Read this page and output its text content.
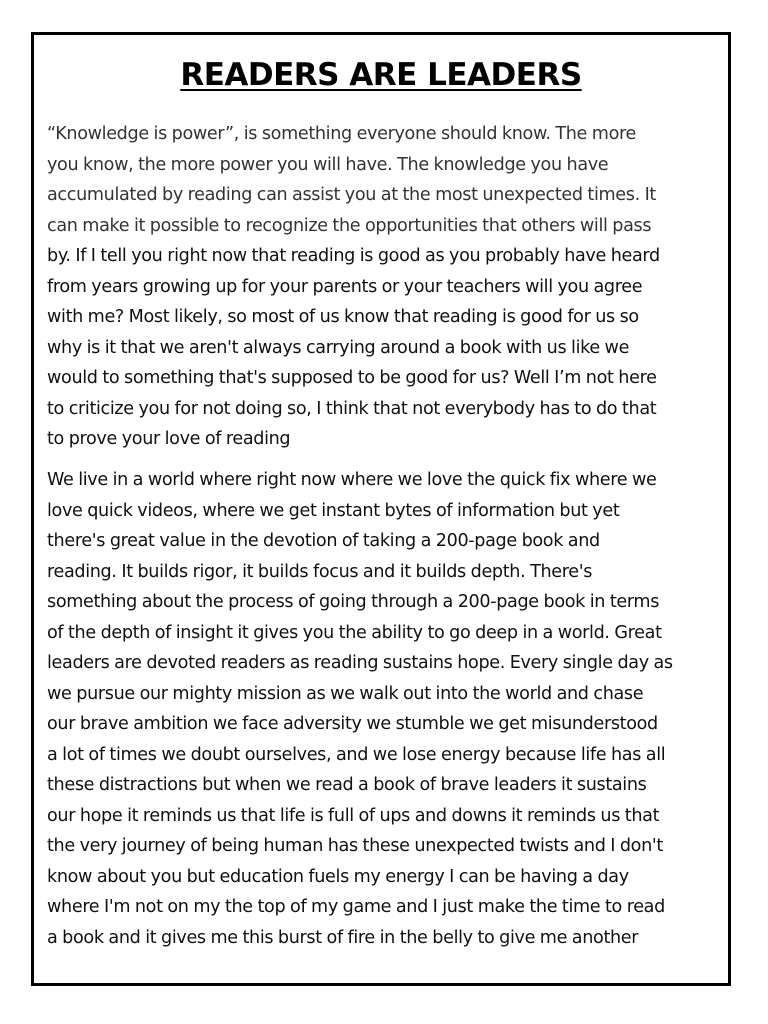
READERS ARE LEADERS
“Knowledge is power”, is something everyone should know. The more
you know, the more power you will have. The knowledge you have
accumulated by reading can assist you at the most unexpected times. It
can make it possible to recognize the opportunities that others will pass
by. If I tell you right now that reading is good as you probably have heard
from years growing up for your parents or your teachers will you agree
with me? Most likely, so most of us know that reading is good for us so
why is it that we aren't always carrying around a book with us like we
would to something that's supposed to be good for us? Well I’m not here
to criticize you for not doing so, I think that not everybody has to do that
to prove your love of reading
We live in a world where right now where we love the quick fix where we
love quick videos, where we get instant bytes of information but yet
there's great value in the devotion of taking a 200-page book and
reading. It builds rigor, it builds focus and it builds depth. There's
something about the process of going through a 200-page book in terms
of the depth of insight it gives you the ability to go deep in a world. Great
leaders are devoted readers as reading sustains hope. Every single day as
we pursue our mighty mission as we walk out into the world and chase
our brave ambition we face adversity we stumble we get misunderstood
a lot of times we doubt ourselves, and we lose energy because life has all
these distractions but when we read a book of brave leaders it sustains
our hope it reminds us that life is full of ups and downs it reminds us that
the very journey of being human has these unexpected twists and I don't
know about you but education fuels my energy I can be having a day
where I'm not on my the top of my game and I just make the time to read
a book and it gives me this burst of fire in the belly to give me another
